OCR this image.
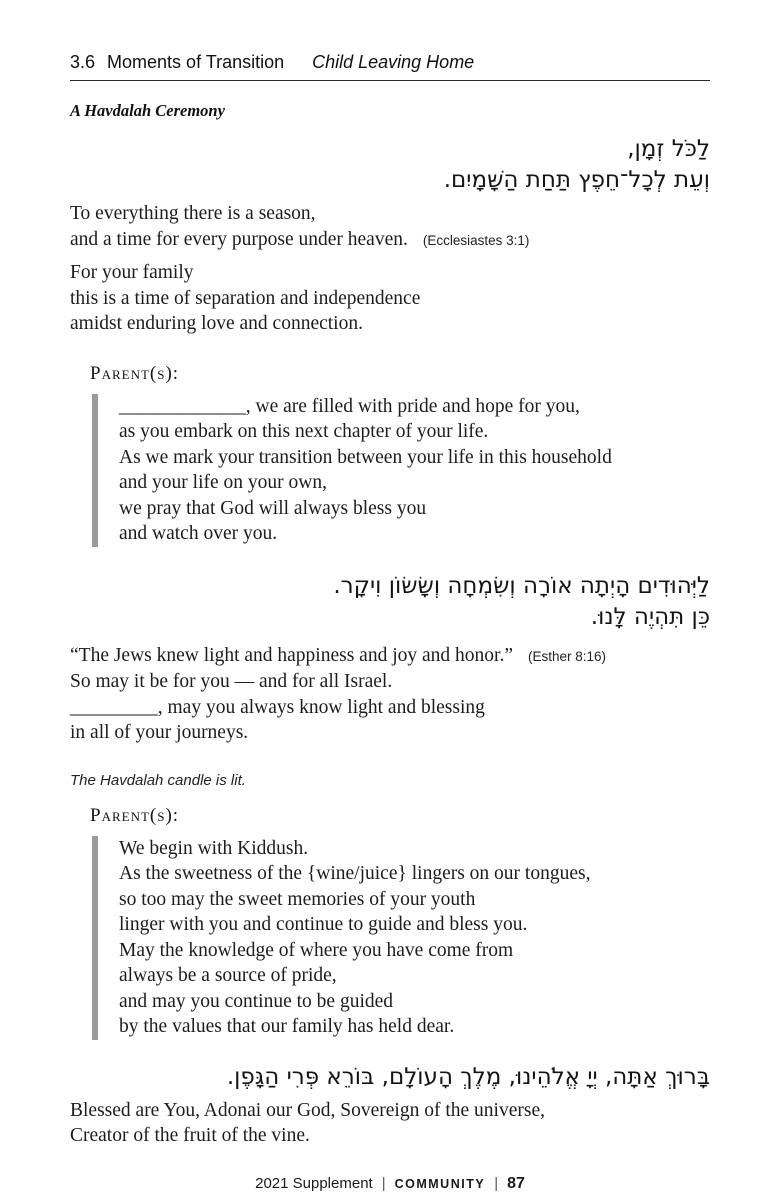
3.6 Moments of Transition Child Leaving Home
A Havdalah Ceremony
לַכֹּל זְמָן,
וְעֵת לְכָל־חֵפֶץ תַּחַת הַשָּׁמָיִם.
To everything there is a season,
and a time for every purpose under heaven. (Ecclesiastes 3:1)
For your family
this is a time of separation and independence
amidst enduring love and connection.
Parent(s):
_____________, we are filled with pride and hope for you,
as you embark on this next chapter of your life.
As we mark your transition between your life in this household
and your life on your own,
we pray that God will always bless you
and watch over you.
לַיְּהוּדִים הָיְתָה אוֹרָה וְשִׂמְחָה וְשָׂשׂוֹן וִיקָר.
כֵּן תִּהְיֶה לָּנוּ.
“The Jews knew light and happiness and joy and honor.” (Esther 8:16)
So may it be for you — and for all Israel.
_________, may you always know light and blessing
in all of your journeys.
The Havdalah candle is lit.
Parent(s):
We begin with Kiddush.
As the sweetness of the {wine/juice} lingers on our tongues,
so too may the sweet memories of your youth
linger with you and continue to guide and bless you.
May the knowledge of where you have come from
always be a source of pride,
and may you continue to be guided
by the values that our family has held dear.
בָּרוּךְ אַתָּה, יְיָ אֱלֹהֵינוּ, מֶלֶךְ הָעוֹלָם, בּוֹרֵא פְּרִי הַגָּפֶן.
Blessed are You, Adonai our God, Sovereign of the universe,
Creator of the fruit of the vine.
2021 Supplement | COMMUNITY | 87
